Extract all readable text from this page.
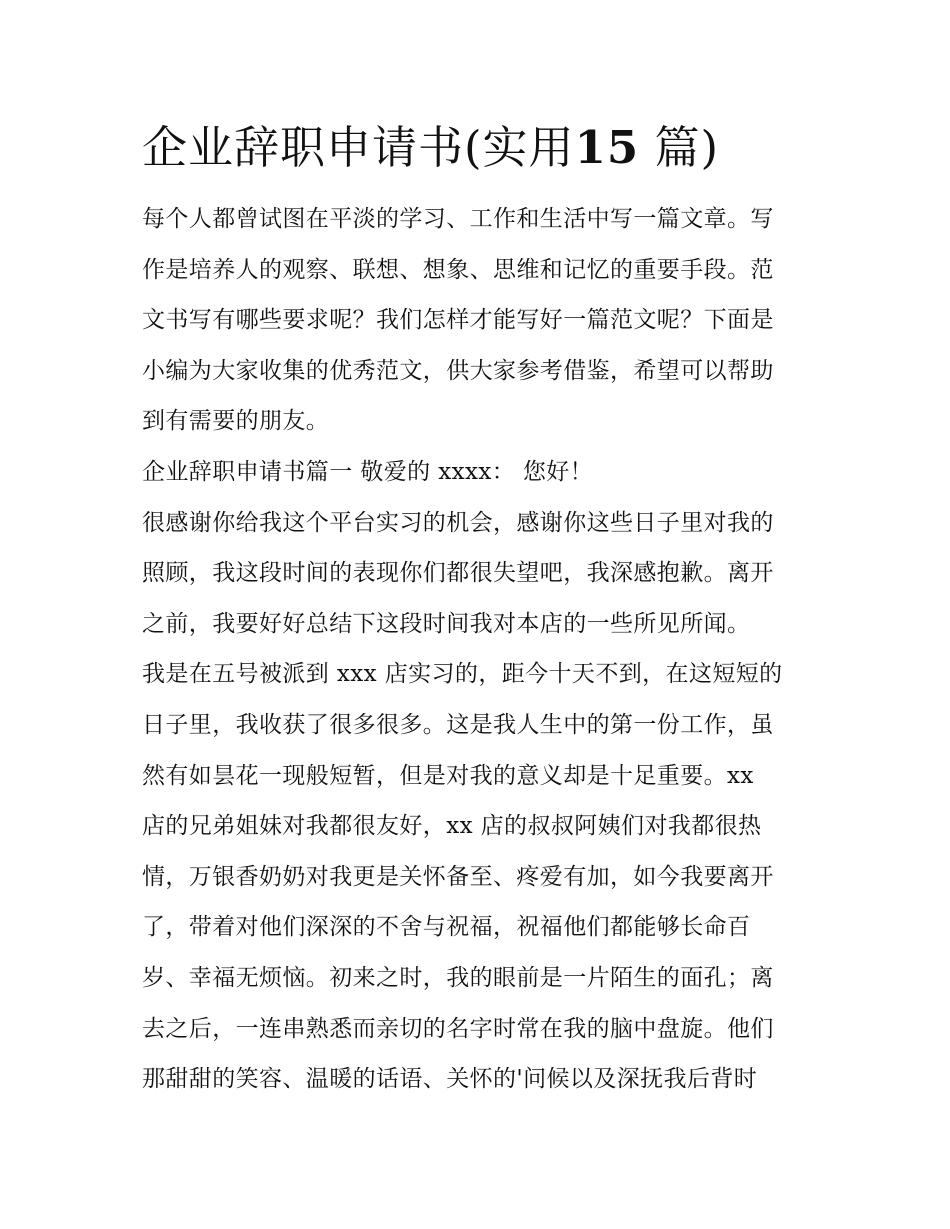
企业辞职申请书(实用15 篇)
每个人都曾试图在平淡的学习、工作和生活中写一篇文章。写
作是培养人的观察、联想、想象、思维和记忆的重要手段。范
文书写有哪些要求呢？我们怎样才能写好一篇范文呢？下面是
小编为大家收集的优秀范文，供大家参考借鉴，希望可以帮助
到有需要的朋友。
企业辞职申请书篇一 敬爱的 xxxx： 您好！
很感谢你给我这个平台实习的机会，感谢你这些日子里对我的
照顾，我这段时间的表现你们都很失望吧，我深感抱歉。离开
之前，我要好好总结下这段时间我对本店的一些所见所闻。
我是在五号被派到 xxx 店实习的，距今十天不到，在这短短的
日子里，我收获了很多很多。这是我人生中的第一份工作，虽
然有如昙花一现般短暂，但是对我的意义却是十足重要。xx
店的兄弟姐妹对我都很友好，xx 店的叔叔阿姨们对我都很热
情，万银香奶奶对我更是关怀备至、疼爱有加，如今我要离开
了，带着对他们深深的不舍与祝福，祝福他们都能够长命百
岁、幸福无烦恼。初来之时，我的眼前是一片陌生的面孔；离
去之后，一连串熟悉而亲切的名字时常在我的脑中盘旋。他们
那甜甜的笑容、温暖的话语、关怀的'问候以及深抚我后背时
